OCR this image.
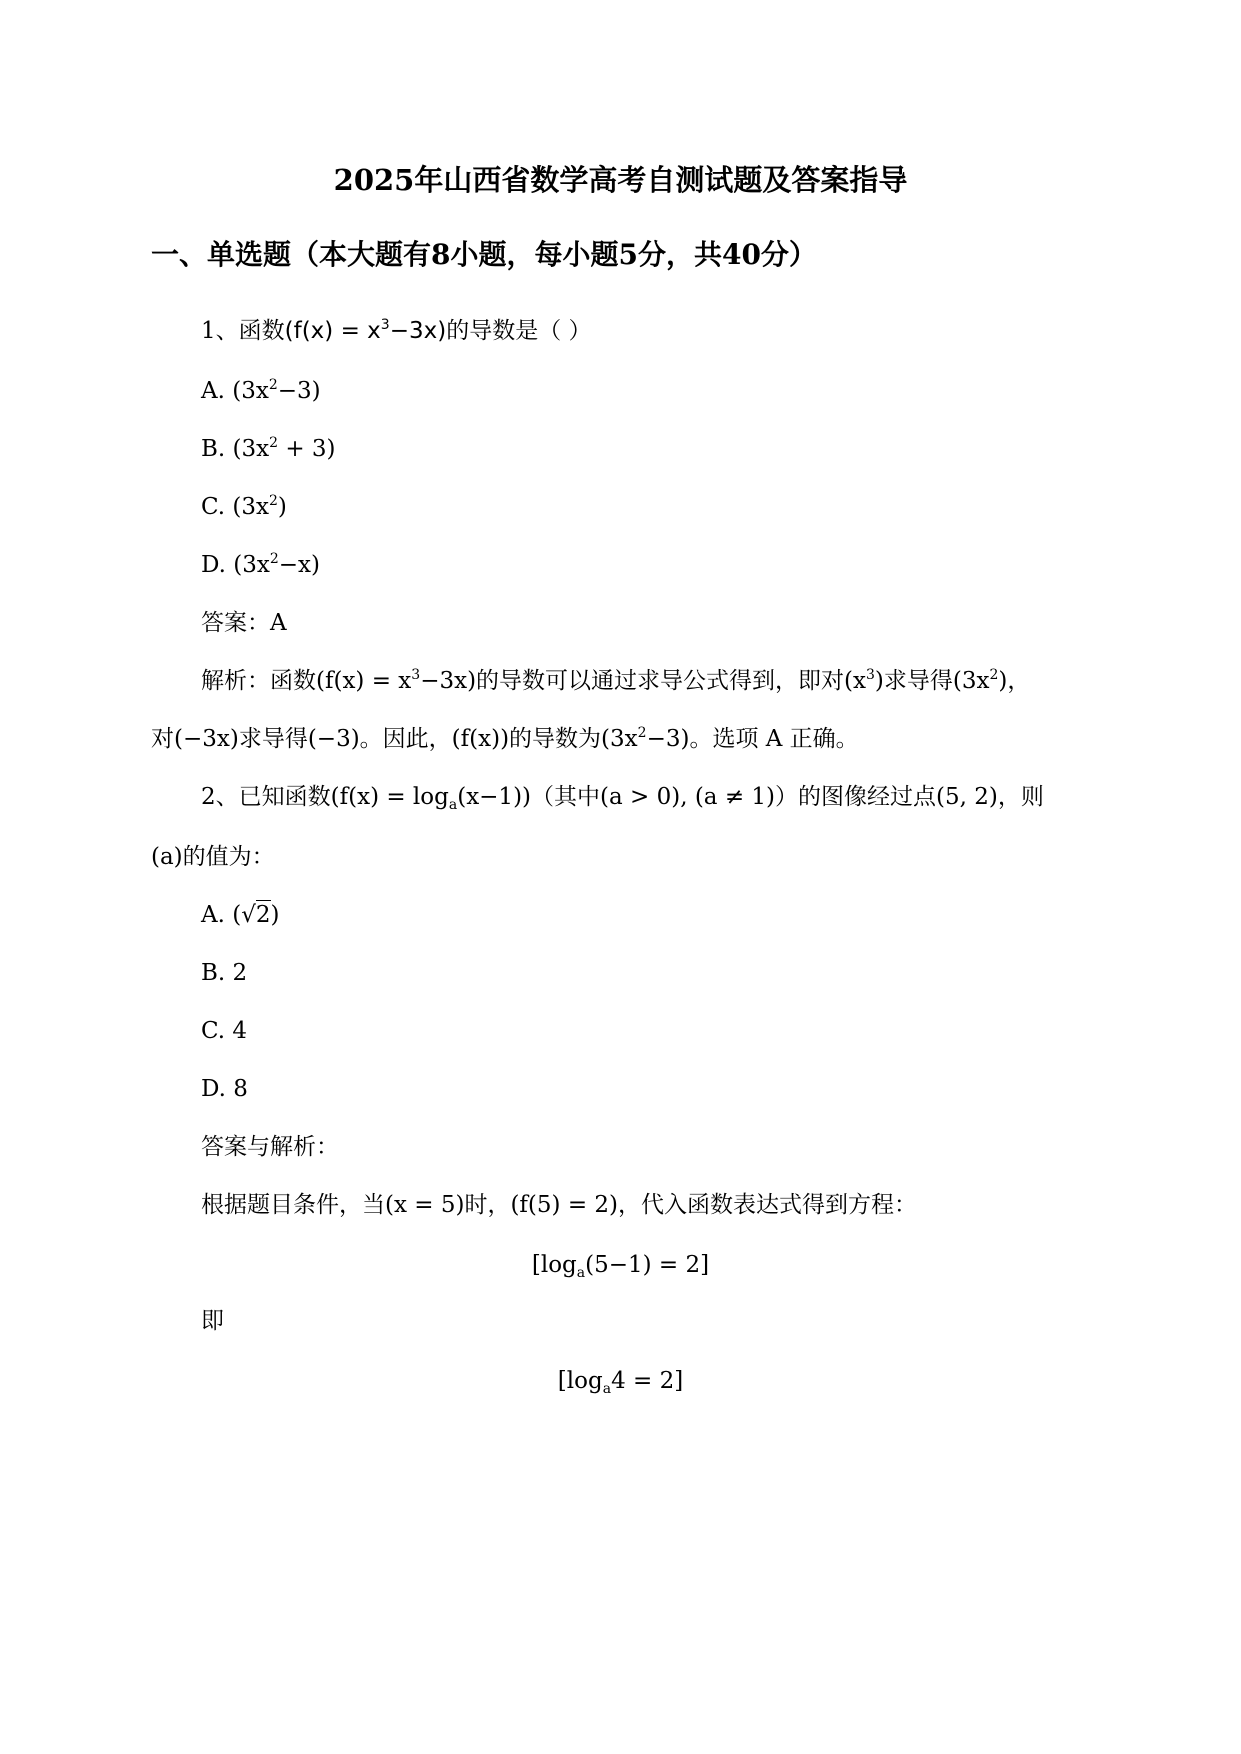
2025年山西省数学高考自测试题及答案指导
一、单选题（本大题有8小题，每小题5分，共40分）
1、函数$(f(x) = x^3-3x)$的导数是（ ）
A. $(3x^2-3)$
B. $(3x^2 + 3)$
C. $(3x^2)$
D. $(3x^2-x)$
答案：A
解析：函数$(f(x) = x^3-3x)$的导数可以通过求导公式得到，即对$(x^3)$求导得$(3x^2)$，
对(−3x)求导得(−3)。因此，(f(x))的导数为$(3x^2-3)$。选项 A 正确。
2、已知函数$(f(x) = \log_a(x-1))$（其中(a > 0), (a ≠ 1)）的图像经过点(5, 2)，则
(a)的值为：
A. (√2)
B. 2
C. 4
D. 8
答案与解析：
根据题目条件，当(x = 5)时，(f(5) = 2)，代入函数表达式得到方程：
$[\log_a(5-1) = 2]$
即
$[\log_a4 = 2]$
